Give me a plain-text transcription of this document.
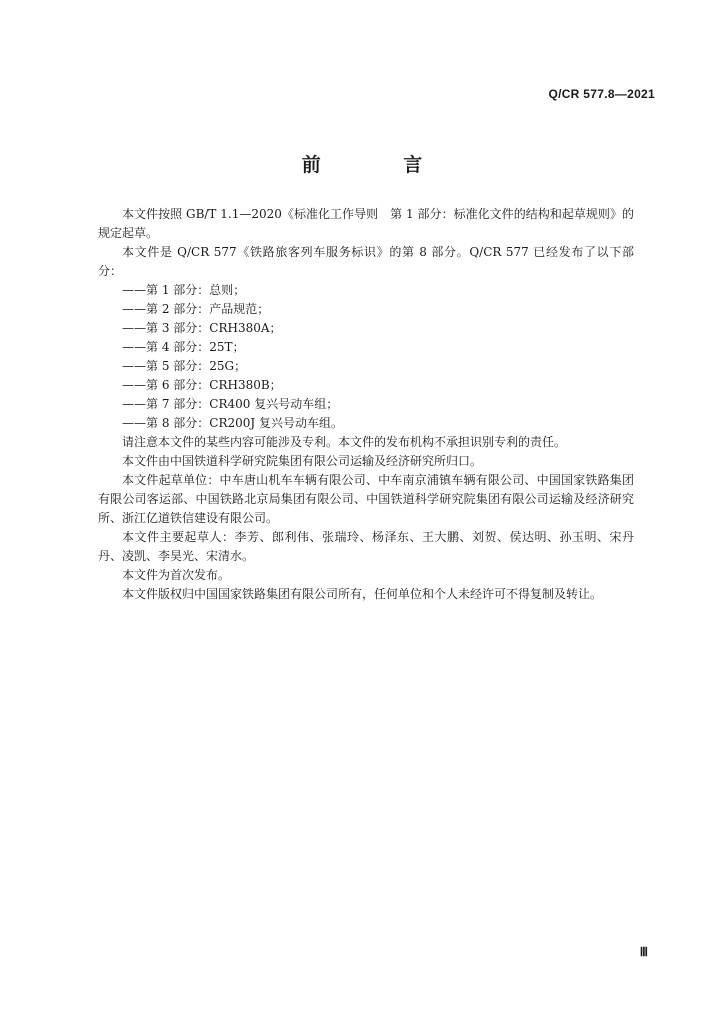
Q/CR 577.8—2021
前 言

本文件按照 GB/T 1.1—2020《标准化工作导则　第 1 部分：标准化文件的结构和起草规则》的规定起草。

本文件是 Q/CR 577《铁路旅客列车服务标识》的第 8 部分。Q/CR 577 已经发布了以下部分：

——第 1 部分：总则；

——第 2 部分：产品规范；

——第 3 部分：CRH380A；

——第 4 部分：25T；

——第 5 部分：25G；

——第 6 部分：CRH380B；

——第 7 部分：CR400 复兴号动车组；

——第 8 部分：CR200J 复兴号动车组。

请注意本文件的某些内容可能涉及专利。本文件的发布机构不承担识别专利的责任。

本文件由中国铁道科学研究院集团有限公司运输及经济研究所归口。

本文件起草单位：中车唐山机车车辆有限公司、中车南京浦镇车辆有限公司、中国国家铁路集团有限公司客运部、中国铁路北京局集团有限公司、中国铁道科学研究院集团有限公司运输及经济研究所、浙江亿道铁信建设有限公司。

本文件主要起草人：李芳、郎利伟、张瑞玲、杨泽东、王大鹏、刘贺、侯达明、孙玉明、宋丹丹、凌凯、李昊光、宋清水。

本文件为首次发布。

本文件版权归中国国家铁路集团有限公司所有，任何单位和个人未经许可不得复制及转让。

Ⅲ
